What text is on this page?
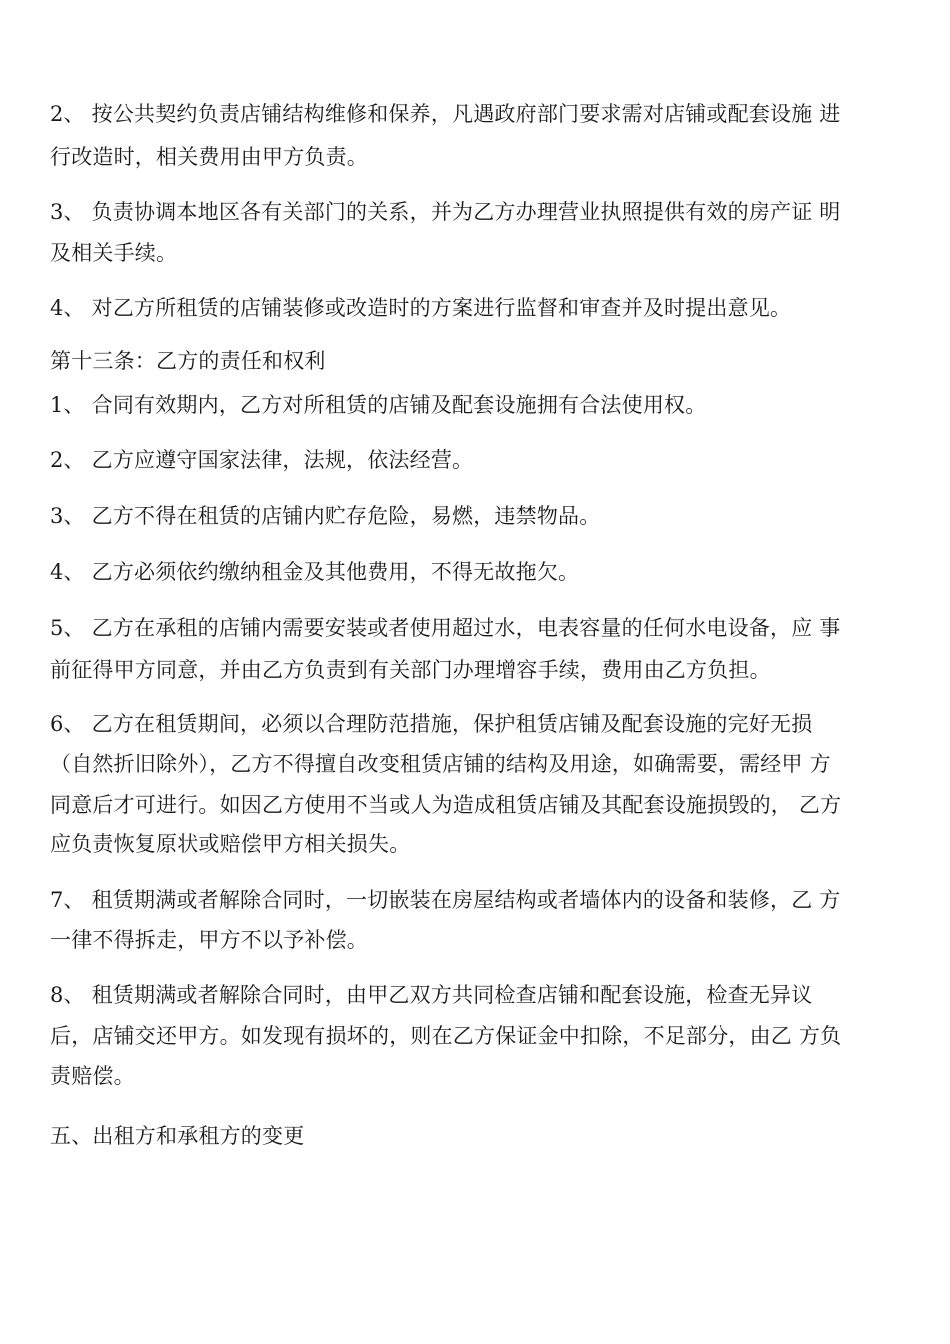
2、 按公共契约负责店铺结构维修和保养，凡遇政府部门要求需对店铺或配套设施 进
行改造时，相关费用由甲方负责。
3、 负责协调本地区各有关部门的关系，并为乙方办理营业执照提供有效的房产证 明
及相关手续。
4、 对乙方所租赁的店铺装修或改造时的方案进行监督和审查并及时提出意见。
第十三条：乙方的责任和权利
1、 合同有效期内，乙方对所租赁的店铺及配套设施拥有合法使用权。
2、 乙方应遵守国家法律，法规，依法经营。
3、 乙方不得在租赁的店铺内贮存危险，易燃，违禁物品。
4、 乙方必须依约缴纳租金及其他费用，不得无故拖欠。
5、 乙方在承租的店铺内需要安装或者使用超过水，电表容量的任何水电设备，应 事
前征得甲方同意，并由乙方负责到有关部门办理增容手续，费用由乙方负担。
6、 乙方在租赁期间，必须以合理防范措施，保护租赁店铺及配套设施的完好无损
（自然折旧除外），乙方不得擅自改变租赁店铺的结构及用途，如确需要，需经甲 方
同意后才可进行。如因乙方使用不当或人为造成租赁店铺及其配套设施损毁的， 乙方
应负责恢复原状或赔偿甲方相关损失。
7、 租赁期满或者解除合同时，一切嵌装在房屋结构或者墙体内的设备和装修，乙 方
一律不得拆走，甲方不以予补偿。
8、 租赁期满或者解除合同时，由甲乙双方共同检查店铺和配套设施，检查无异议
后，店铺交还甲方。如发现有损坏的，则在乙方保证金中扣除，不足部分，由乙 方负
责赔偿。
五、出租方和承租方的变更
